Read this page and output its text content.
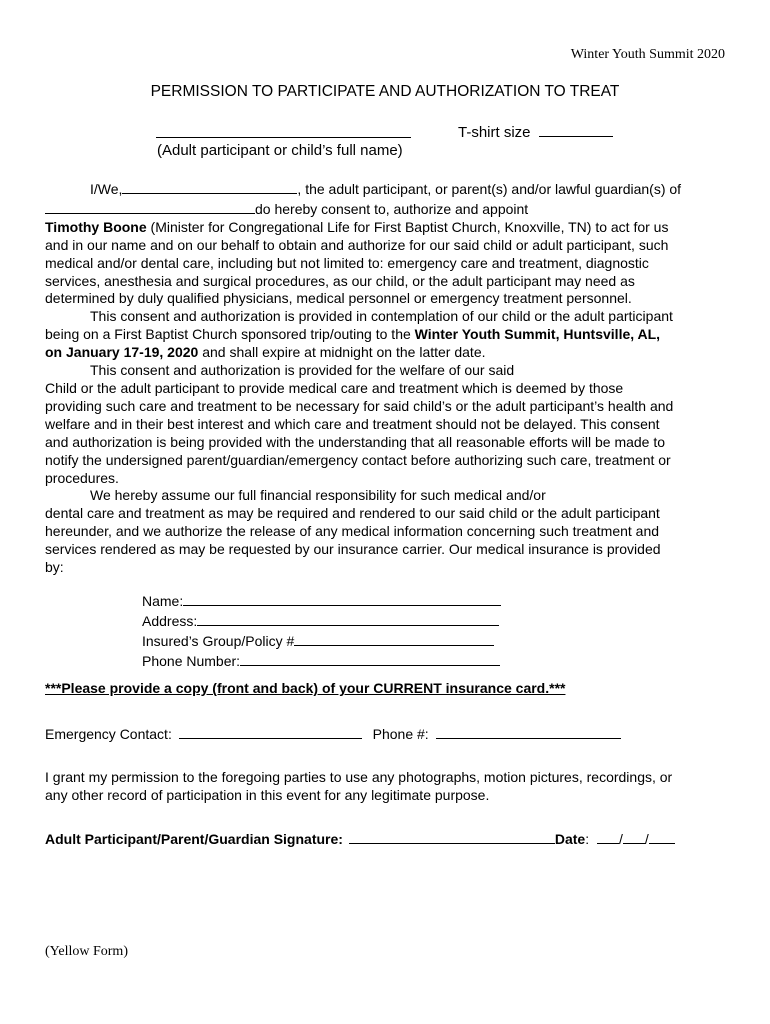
Winter Youth Summit 2020
PERMISSION TO PARTICIPATE AND AUTHORIZATION TO TREAT
(Adult participant or child’s full name)
T-shirt size
I/We,	, the adult participant, or parent(s) and/or lawful guardian(s) of
do hereby consent to, authorize and appoint
Timothy Boone (Minister for Congregational Life for First Baptist Church, Knoxville, TN) to act for us
and in our name and on our behalf to obtain and authorize for our said child or adult participant, such
medical and/or dental care, including but not limited to: emergency care and treatment, diagnostic
services, anesthesia and surgical procedures, as our child, or the adult participant may need as
determined by duly qualified physicians, medical personnel or emergency treatment personnel.
This consent and authorization is provided in contemplation of our child or the adult participant
being on a First Baptist Church sponsored trip/outing to the Winter Youth Summit, Huntsville, AL,
on January 17-19, 2020 and shall expire at midnight on the latter date.
This consent and authorization is provided for the welfare of our said
Child or the adult participant to provide medical care and treatment which is deemed by those
providing such care and treatment to be necessary for said child’s or the adult participant’s health and
welfare and in their best interest and which care and treatment should not be delayed. This consent
and authorization is being provided with the understanding that all reasonable efforts will be made to
notify the undersigned parent/guardian/emergency contact before authorizing such care, treatment or
procedures.
We hereby assume our full financial responsibility for such medical and/or
dental care and treatment as may be required and rendered to our said child or the adult participant
hereunder, and we authorize the release of any medical information concerning such treatment and
services rendered as may be requested by our insurance carrier. Our medical insurance is provided
by:
Name:
Address:
Insured’s Group/Policy #
Phone Number:
***Please provide a copy (front and back) of your CURRENT insurance card.***
Emergency Contact:	Phone #:
I grant my permission to the foregoing parties to use any photographs, motion pictures, recordings, or
any other record of participation in this event for any legitimate purpose.
Adult Participant/Parent/Guardian Signature:	Date: / /
(Yellow Form)
